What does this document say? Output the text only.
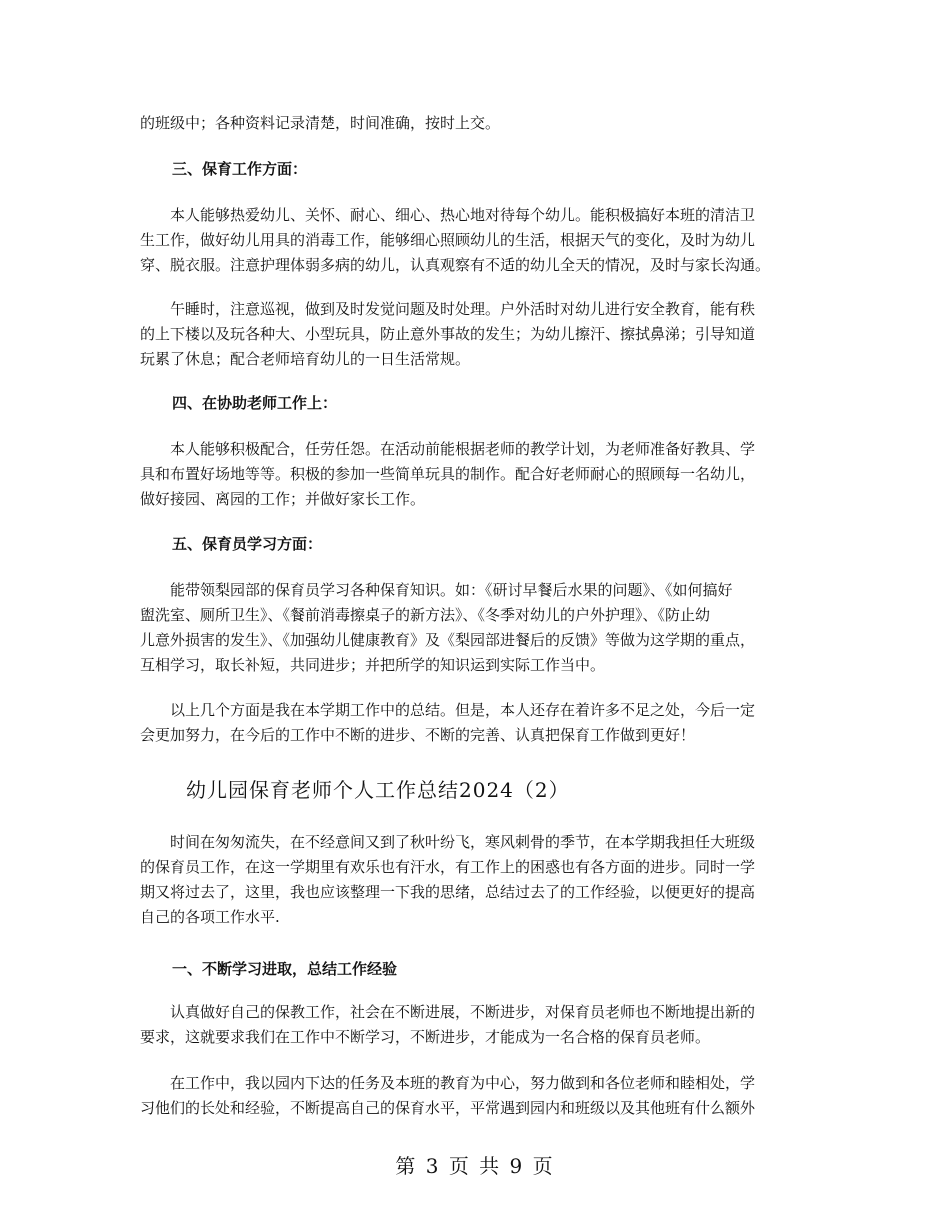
的班级中；各种资料记录清楚，时间准确，按时上交。

三、保育工作方面：

本人能够热爱幼儿、关怀、耐心、细心、热心地对待每个幼儿。能积极搞好本班的清洁卫
生工作，做好幼儿用具的消毒工作，能够细心照顾幼儿的生活，根据天气的变化，及时为幼儿
穿、脱衣服。注意护理体弱多病的幼儿，认真观察有不适的幼儿全天的情况，及时与家长沟通。

午睡时，注意巡视，做到及时发觉问题及时处理。户外活时对幼儿进行安全教育，能有秩
的上下楼以及玩各种大、小型玩具，防止意外事故的发生；为幼儿擦汗、擦拭鼻涕；引导知道
玩累了休息；配合老师培育幼儿的一日生活常规。

四、在协助老师工作上：

本人能够积极配合，任劳任怨。在活动前能根据老师的教学计划，为老师准备好教具、学
具和布置好场地等等。积极的参加一些简单玩具的制作。配合好老师耐心的照顾每一名幼儿，
做好接园、离园的工作；并做好家长工作。

五、保育员学习方面：

能带领梨园部的保育员学习各种保育知识。如：《研讨早餐后水果的问题》、《如何搞好
盥洗室、厕所卫生》、《餐前消毒擦桌子的新方法》、《冬季对幼儿的户外护理》、《防止幼
儿意外损害的发生》、《加强幼儿健康教育》及《梨园部进餐后的反馈》等做为这学期的重点，
互相学习，取长补短，共同进步；并把所学的知识运到实际工作当中。

以上几个方面是我在本学期工作中的总结。但是，本人还存在着许多不足之处，今后一定
会更加努力，在今后的工作中不断的进步、不断的完善、认真把保育工作做到更好！

幼儿园保育老师个人工作总结2024（2）

时间在匆匆流失，在不经意间又到了秋叶纷飞，寒风刺骨的季节，在本学期我担任大班级
的保育员工作，在这一学期里有欢乐也有汗水，有工作上的困惑也有各方面的进步。同时一学
期又将过去了，这里，我也应该整理一下我的思绪，总结过去了的工作经验，以便更好的提高
自己的各项工作水平.

一、不断学习进取，总结工作经验

认真做好自己的保教工作，社会在不断进展，不断进步，对保育员老师也不断地提出新的
要求，这就要求我们在工作中不断学习，不断进步，才能成为一名合格的保育员老师。

在工作中，我以园内下达的任务及本班的教育为中心，努力做到和各位老师和睦相处，学
习他们的长处和经验，不断提高自己的保育水平，平常遇到园内和班级以及其他班有什么额外

第 3 页 共 9 页
